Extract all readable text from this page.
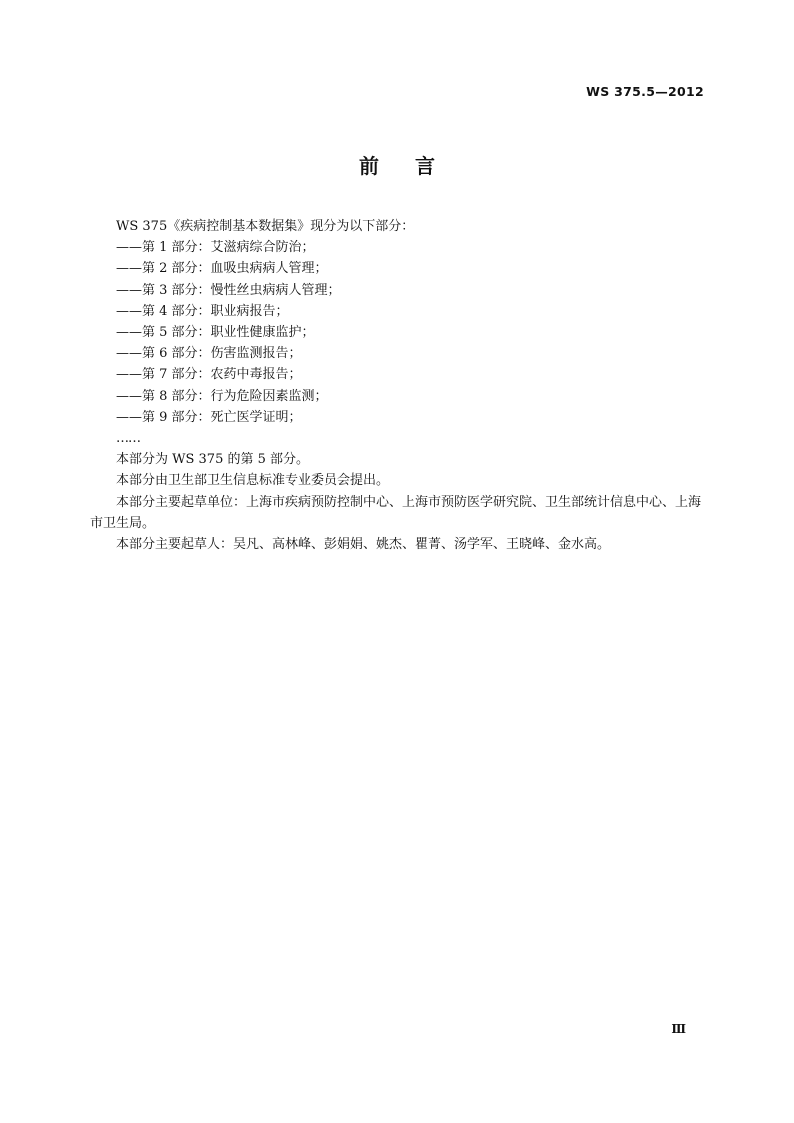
WS 375.5—2012
前言

WS 375《疾病控制基本数据集》现分为以下部分：

——第 1 部分：艾滋病综合防治；

——第 2 部分：血吸虫病病人管理；

——第 3 部分：慢性丝虫病病人管理；

——第 4 部分：职业病报告；

——第 5 部分：职业性健康监护；

——第 6 部分：伤害监测报告；

——第 7 部分：农药中毒报告；

——第 8 部分：行为危险因素监测；

——第 9 部分：死亡医学证明；

……

本部分为 WS 375 的第 5 部分。

本部分由卫生部卫生信息标准专业委员会提出。

本部分主要起草单位：上海市疾病预防控制中心、上海市预防医学研究院、卫生部统计信息中心、上海市卫生局。

本部分主要起草人：吴凡、高林峰、彭娟娟、姚杰、瞿菁、汤学军、王晓峰、金水高。

Ⅲ
